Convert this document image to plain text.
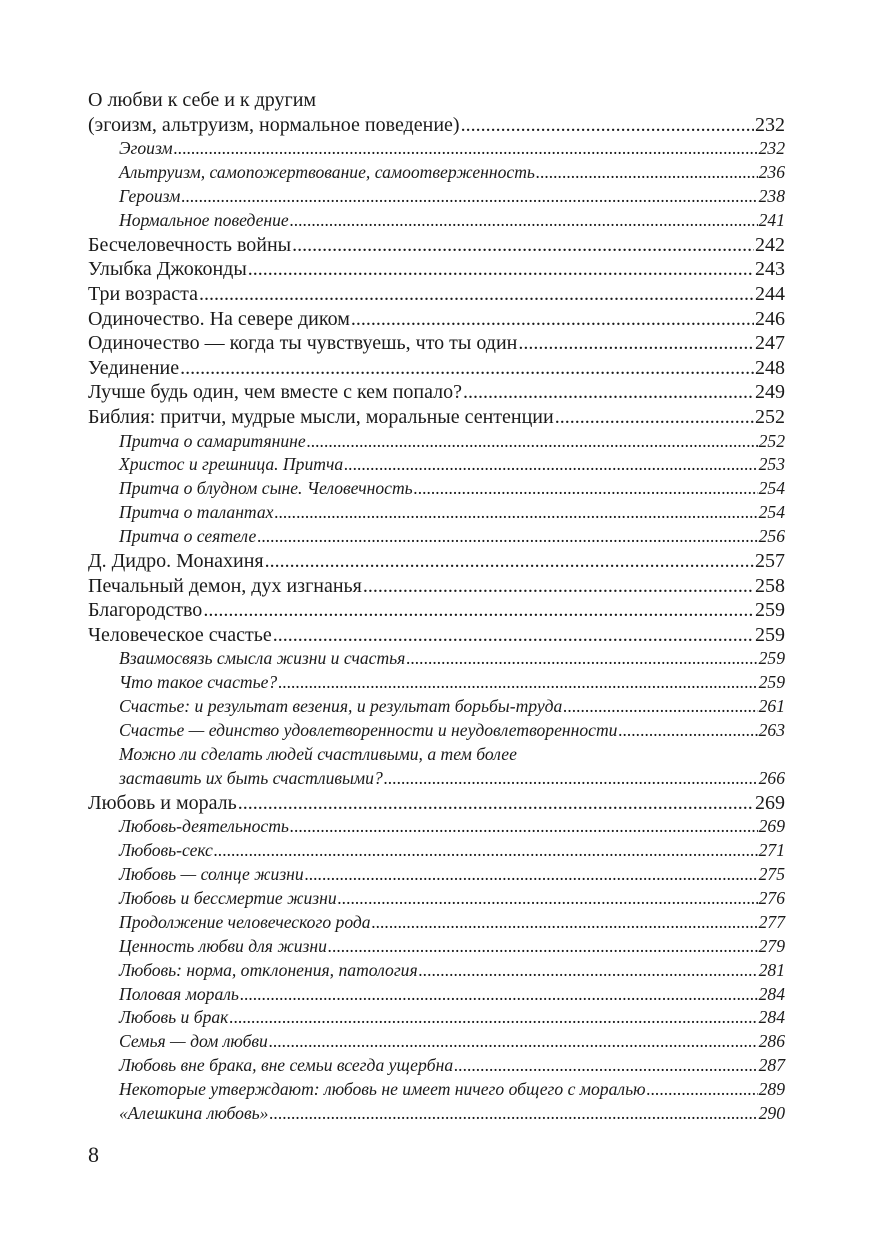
О любви к себе и к другим
(эгоизм, альтруизм, нормальное поведение) .....	232
Эгоизм .....	232
Альтруизм, самопожертвование, самоотверженность .....	236
Героизм .....	238
Нормальное поведение .....	241
Бесчеловечность войны .....	242
Улыбка Джоконды .....	243
Три возраста .....	244
Одиночество. На севере диком .....	246
Одиночество — когда ты чувствуешь, что ты один .....	247
Уединение .....	248
Лучше будь один, чем вместе с кем попало? .....	249
Библия: притчи, мудрые мысли, моральные сентенции .....	252
Притча о самаритянине .....	252
Христос и грешница. Притча .....	253
Притча о блудном сыне. Человечность .....	254
Притча о талантах .....	254
Притча о сеятеле .....	256
Д. Дидро. Монахиня .....	257
Печальный демон, дух изгнанья .....	258
Благородство .....	259
Человеческое счастье .....	259
Взаимосвязь смысла жизни и счастья .....	259
Что такое счастье? .....	259
Счастье: и результат везения, и результат борьбы-труда .....	261
Счастье — единство удовлетворенности и неудовлетворенности .....	263
Можно ли сделать людей счастливыми, а тем более
заставить их быть счастливыми? .....	266
Любовь и мораль .....	269
Любовь-деятельность .....	269
Любовь-секс .....	271
Любовь — солнце жизни .....	275
Любовь и бессмертие жизни .....	276
Продолжение человеческого рода .....	277
Ценность любви для жизни .....	279
Любовь: норма, отклонения, патология .....	281
Половая мораль .....	284
Любовь и брак .....	284
Семья — дом любви .....	286
Любовь вне брака, вне семьи всегда ущербна .....	287
Некоторые утверждают: любовь не имеет ничего общего с моралью .....	289
«Алешкина любовь» .....	290
8
